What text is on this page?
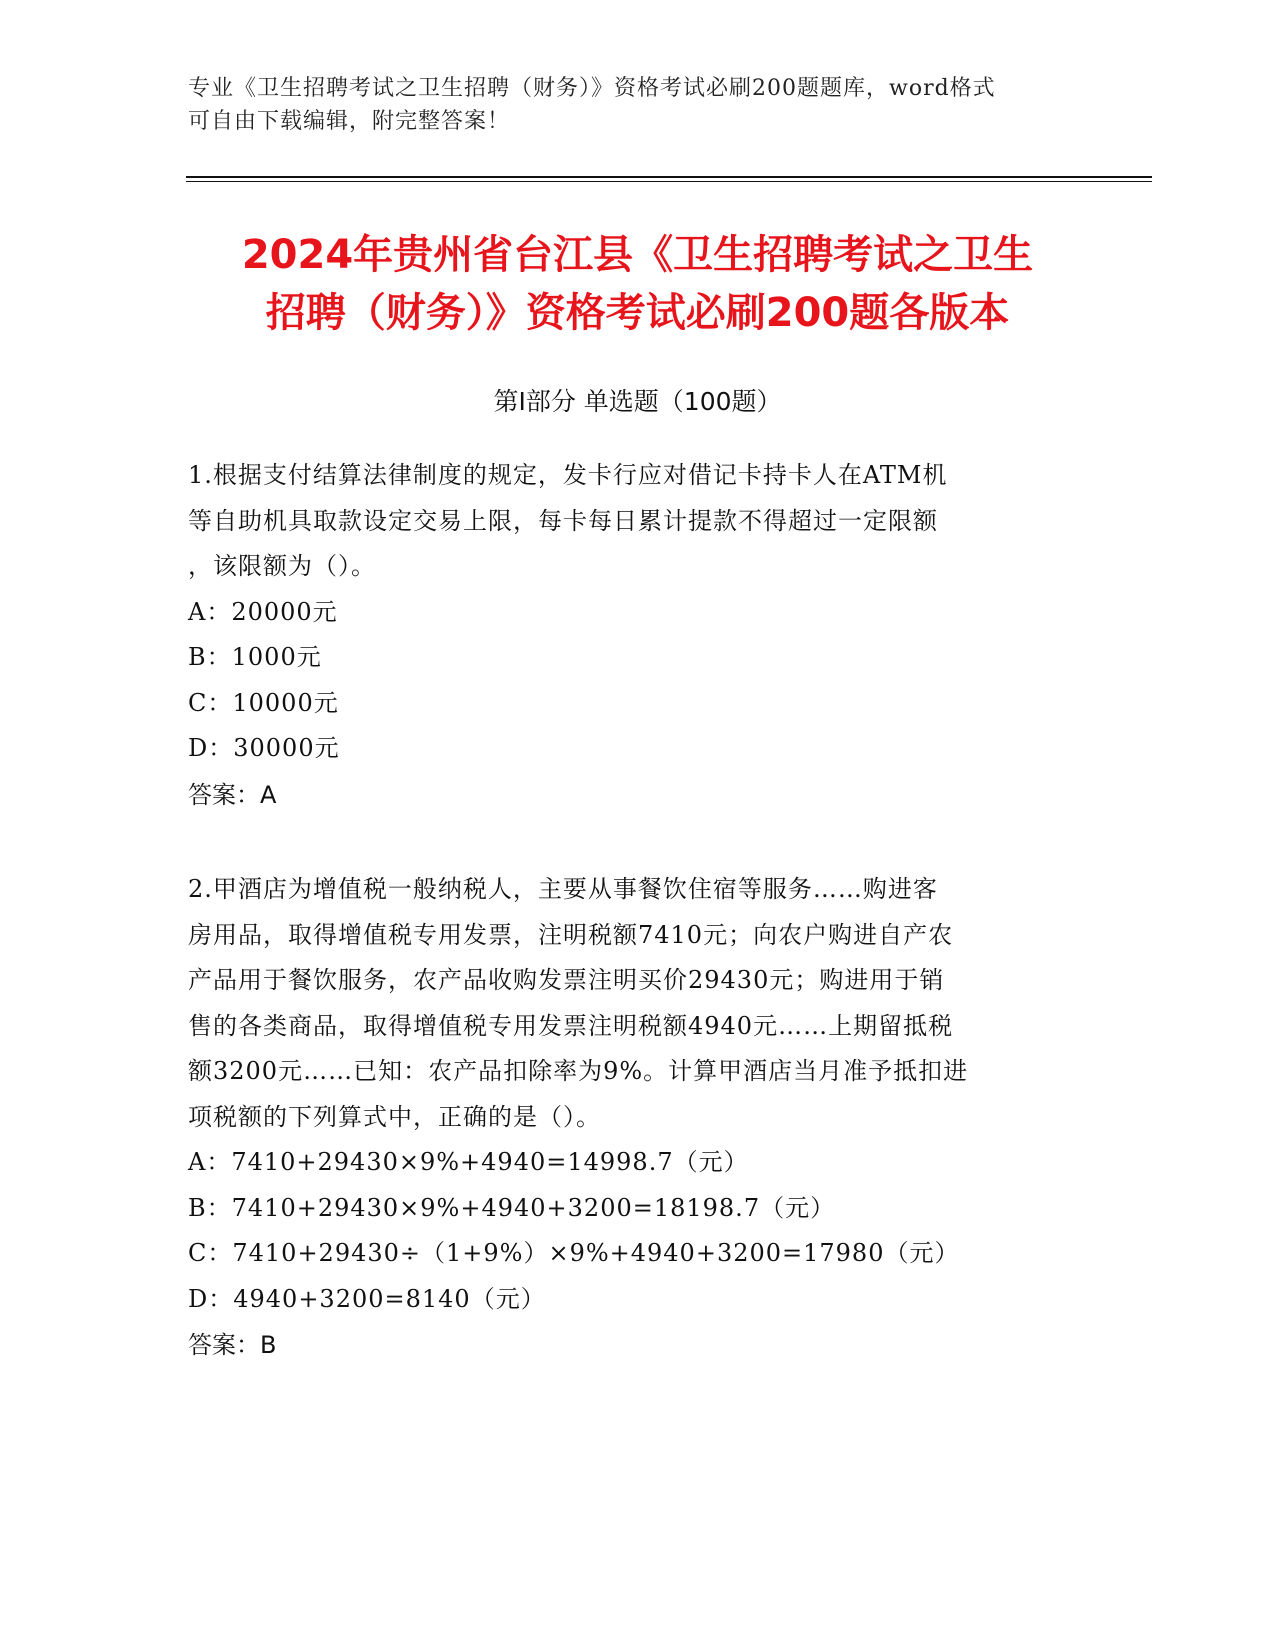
专业《卫生招聘考试之卫生招聘（财务）》资格考试必刷200题题库，word格式
可自由下载编辑，附完整答案！
2024年贵州省台江县《卫生招聘考试之卫生
招聘（财务）》资格考试必刷200题各版本
第Ⅰ部分 单选题（100题）

1.根据支付结算法律制度的规定，发卡行应对借记卡持卡人在ATM机

等自助机具取款设定交易上限，每卡每日累计提款不得超过一定限额

，该限额为（）。

A：20000元

B：1000元

C：10000元

D：30000元

答案：A

2.甲酒店为增值税一般纳税人，主要从事餐饮住宿等服务……购进客

房用品，取得增值税专用发票，注明税额7410元；向农户购进自产农

产品用于餐饮服务，农产品收购发票注明买价29430元；购进用于销

售的各类商品，取得增值税专用发票注明税额4940元……上期留抵税

额3200元……已知：农产品扣除率为9%。计算甲酒店当月准予抵扣进

项税额的下列算式中，正确的是（）。

A：7410+29430×9%+4940=14998.7（元）

B：7410+29430×9%+4940+3200=18198.7（元）

C：7410+29430÷（1+9%）×9%+4940+3200=17980（元）

D：4940+3200=8140（元）

答案：B
